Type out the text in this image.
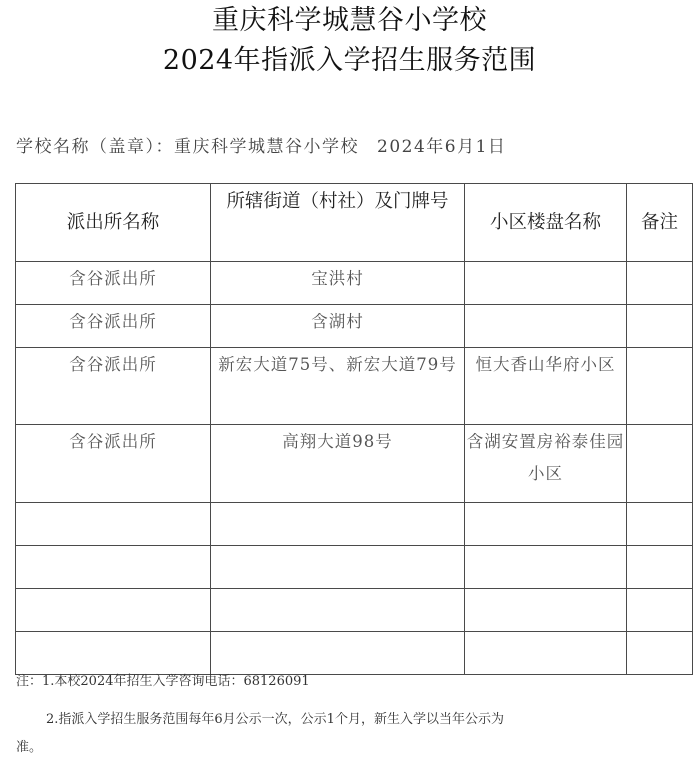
重庆科学城慧谷小学校
2024年指派入学招生服务范围
学校名称（盖章）：重庆科学城慧谷小学校 2024年6月1日
派出所名称	所辖街道（村社）及门牌号	小区楼盘名称	备注
含谷派出所	宝洪村		
含谷派出所	含湖村		
含谷派出所	新宏大道75号、新宏大道79号	恒大香山华府小区	
含谷派出所	高翔大道98号	含湖安置房裕泰佳园小区	

注：1.本校2024年招生入学咨询电话：68126091
2.指派入学招生服务范围每年6月公示一次，公示1个月，新生入学以当年公示为
准。
